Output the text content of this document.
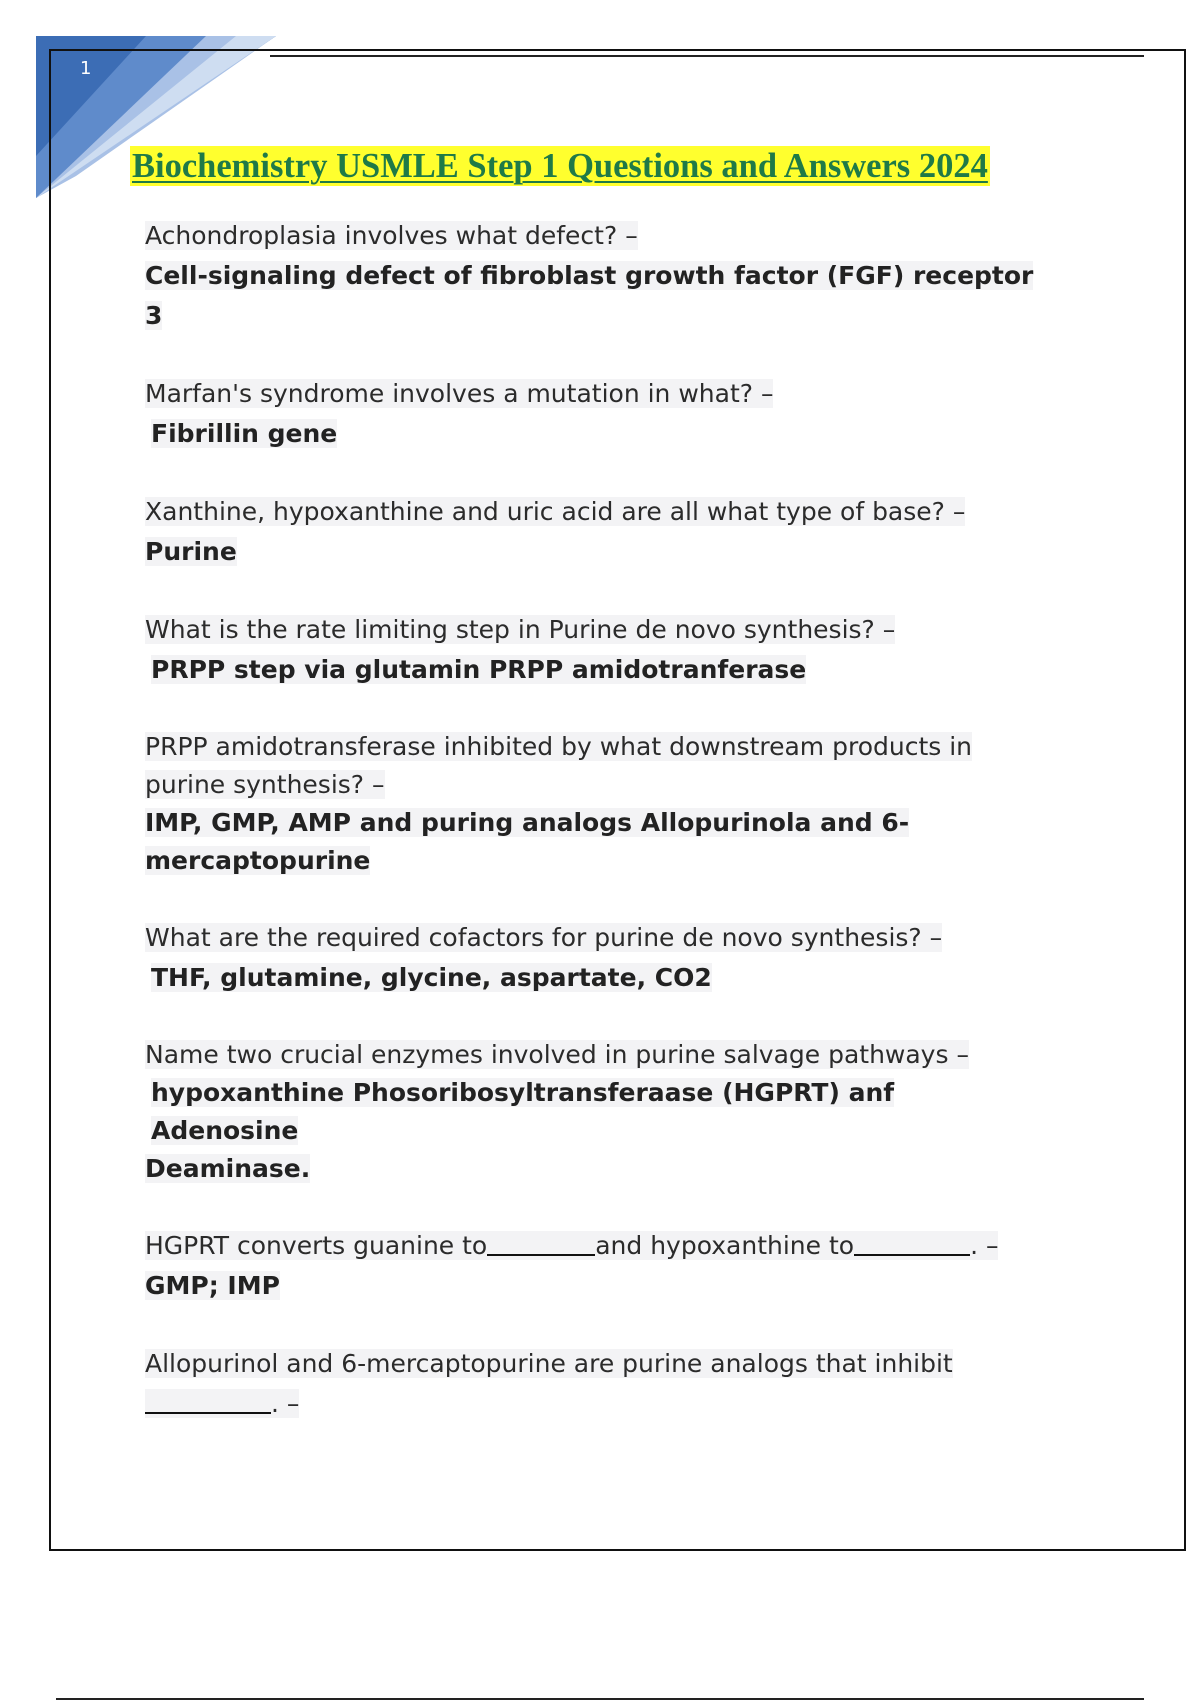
1
Biochemistry USMLE Step 1 Questions and Answers 2024
Achondroplasia involves what defect? –
Cell-signaling defect of fibroblast growth factor (FGF) receptor 3
Marfan's syndrome involves a mutation in what? –
Fibrillin gene
Xanthine, hypoxanthine and uric acid are all what type of base? –
Purine
What is the rate limiting step in Purine de novo synthesis? –
PRPP step via glutamin PRPP amidotranferase
PRPP amidotransferase inhibited by what downstream products in
purine synthesis? –
IMP, GMP, AMP and puring analogs Allopurinola and 6-
mercaptopurine
What are the required cofactors for purine de novo synthesis? –
THF, glutamine, glycine, aspartate, CO2
Name two crucial enzymes involved in purine salvage pathways –
hypoxanthine Phosoribosyltransferaase (HGPRT) anf Adenosine
Deaminase.
HGPRT converts guanine to	and hypoxanthine to	. –
GMP; IMP
Allopurinol and 6-mercaptopurine are purine analogs that inhibit
. –
